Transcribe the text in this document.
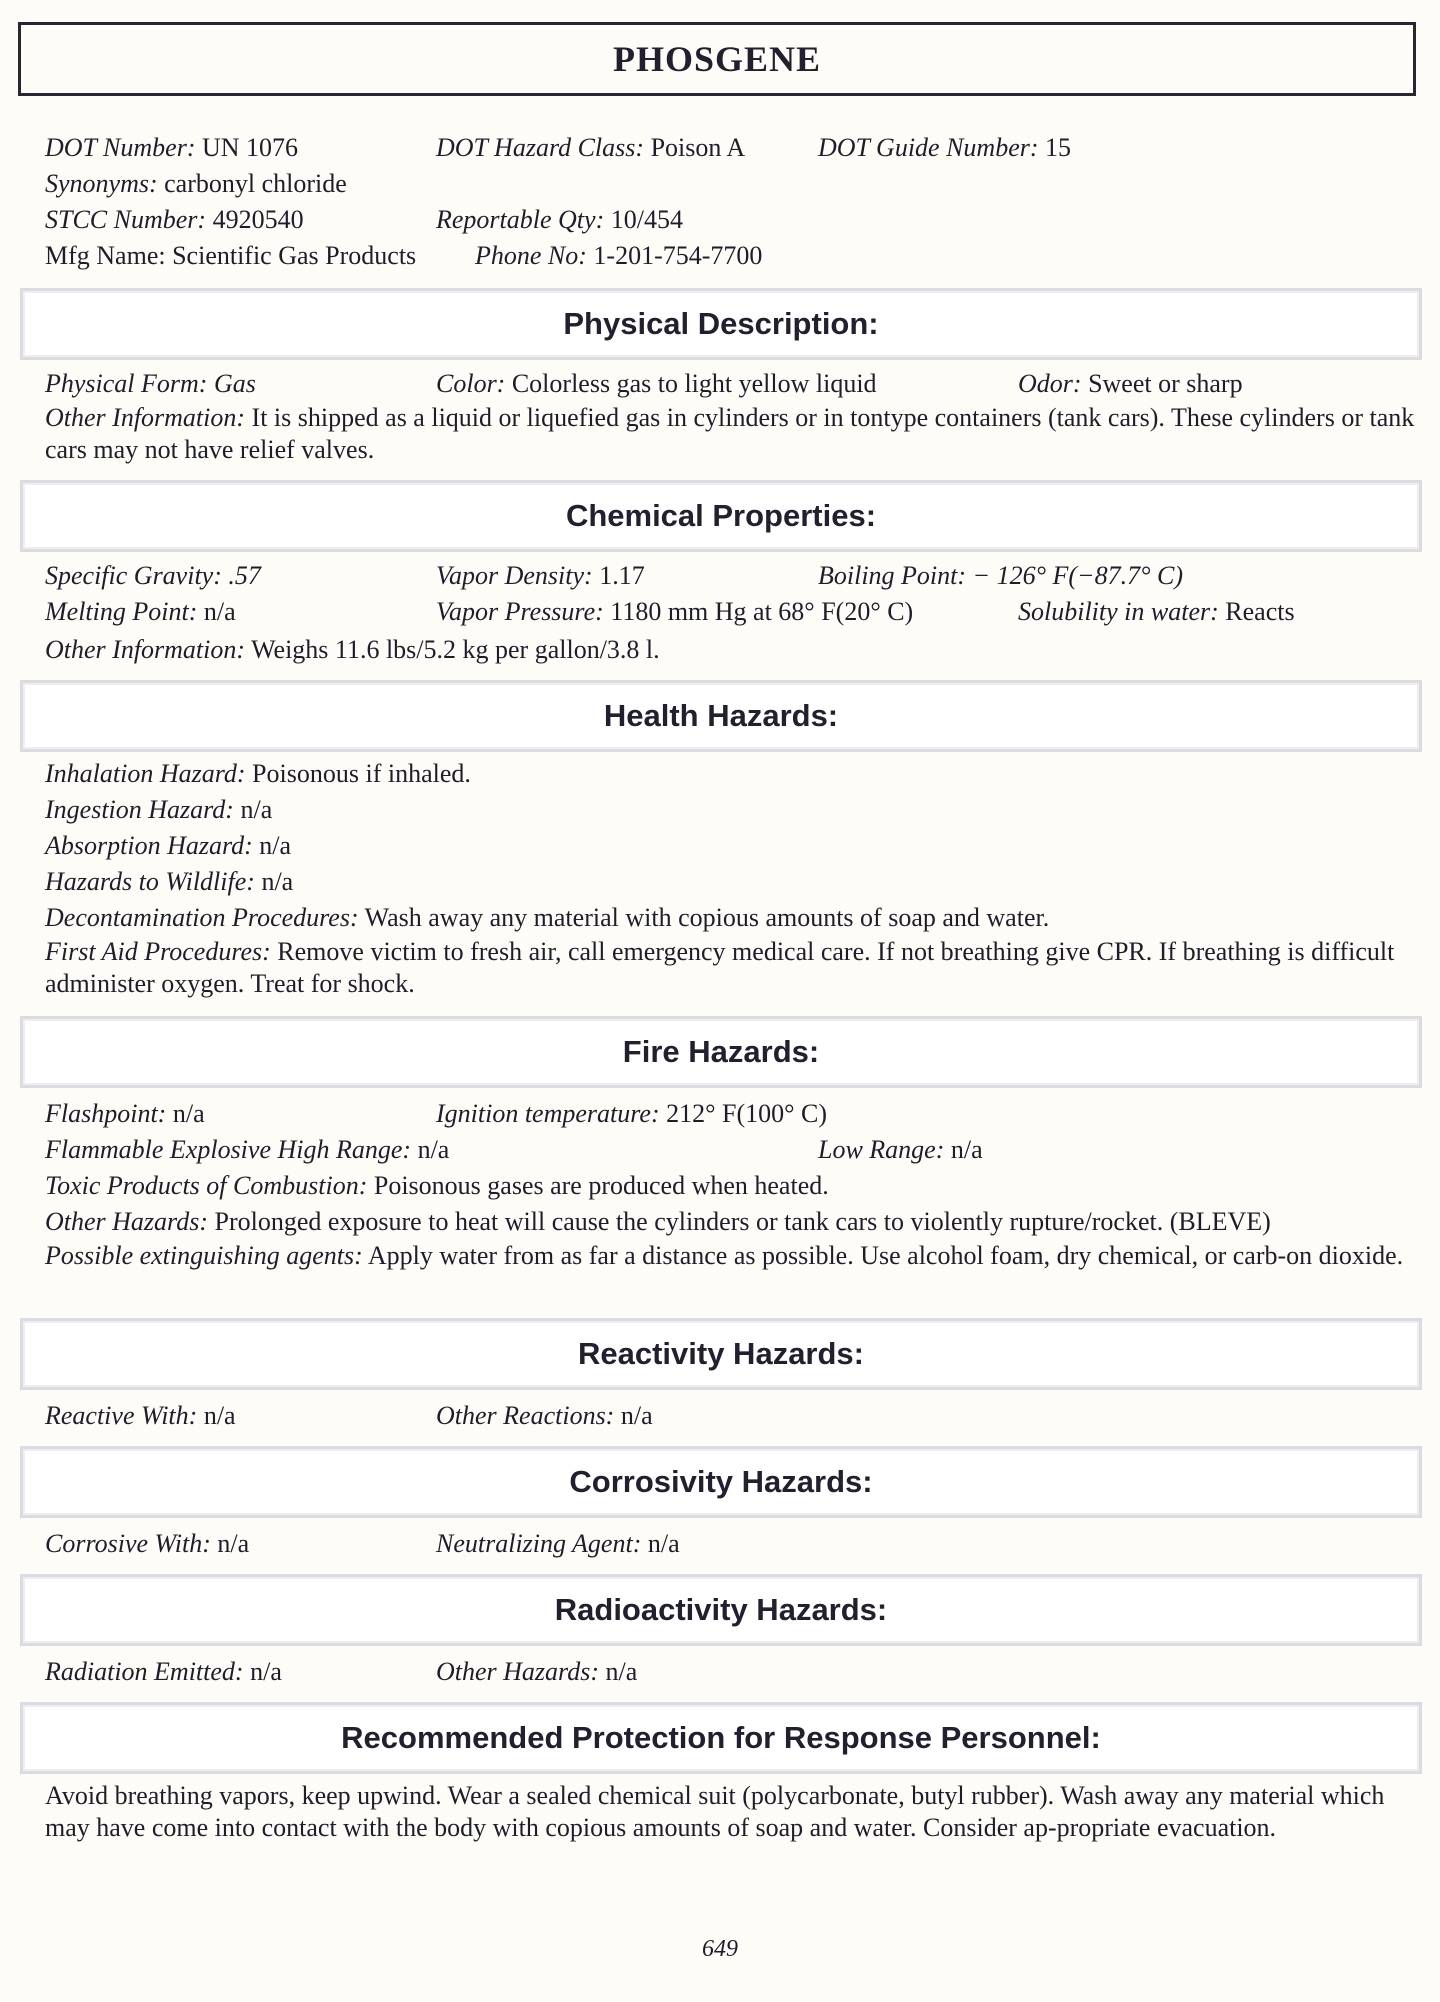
PHOSGENE
DOT Number: UN 1076	DOT Hazard Class: Poison A	DOT Guide Number: 15
Synonyms: carbonyl chloride
STCC Number: 4920540	Reportable Qty: 10/454
Mfg Name: Scientific Gas Products Phone No: 1-201-754-7700
Physical Description:
Physical Form: Gas	Color: Colorless gas to light yellow liquid	Odor: Sweet or sharp
Other Information: It is shipped as a liquid or liquefied gas in cylinders or in tontype containers (tank cars). These cylinders or tank cars may not have relief valves.
Chemical Properties:
Specific Gravity: .57	Vapor Density: 1.17	Boiling Point: − 126° F(−87.7° C)
Melting Point: n/a	Vapor Pressure: 1180 mm Hg at 68° F(20° C)	Solubility in water: Reacts
Other Information: Weighs 11.6 lbs/5.2 kg per gallon/3.8 l.
Health Hazards:
Inhalation Hazard: Poisonous if inhaled.
Ingestion Hazard: n/a
Absorption Hazard: n/a
Hazards to Wildlife: n/a
Decontamination Procedures: Wash away any material with copious amounts of soap and water.
First Aid Procedures: Remove victim to fresh air, call emergency medical care. If not breathing give CPR. If breathing is difficult administer oxygen. Treat for shock.
Fire Hazards:
Flashpoint: n/a	Ignition temperature: 212° F(100° C)
Flammable Explosive High Range: n/a	Low Range: n/a
Toxic Products of Combustion: Poisonous gases are produced when heated.
Other Hazards: Prolonged exposure to heat will cause the cylinders or tank cars to violently rupture/rocket. (BLEVE)
Possible extinguishing agents: Apply water from as far a distance as possible. Use alcohol foam, dry chemical, or carb-on dioxide.
Reactivity Hazards:
Reactive With: n/a	Other Reactions: n/a
Corrosivity Hazards:
Corrosive With: n/a	Neutralizing Agent: n/a
Radioactivity Hazards:
Radiation Emitted: n/a	Other Hazards: n/a
Recommended Protection for Response Personnel:
Avoid breathing vapors, keep upwind. Wear a sealed chemical suit (polycarbonate, butyl rubber). Wash away any material which may have come into contact with the body with copious amounts of soap and water. Consider ap-propriate evacuation.
649
